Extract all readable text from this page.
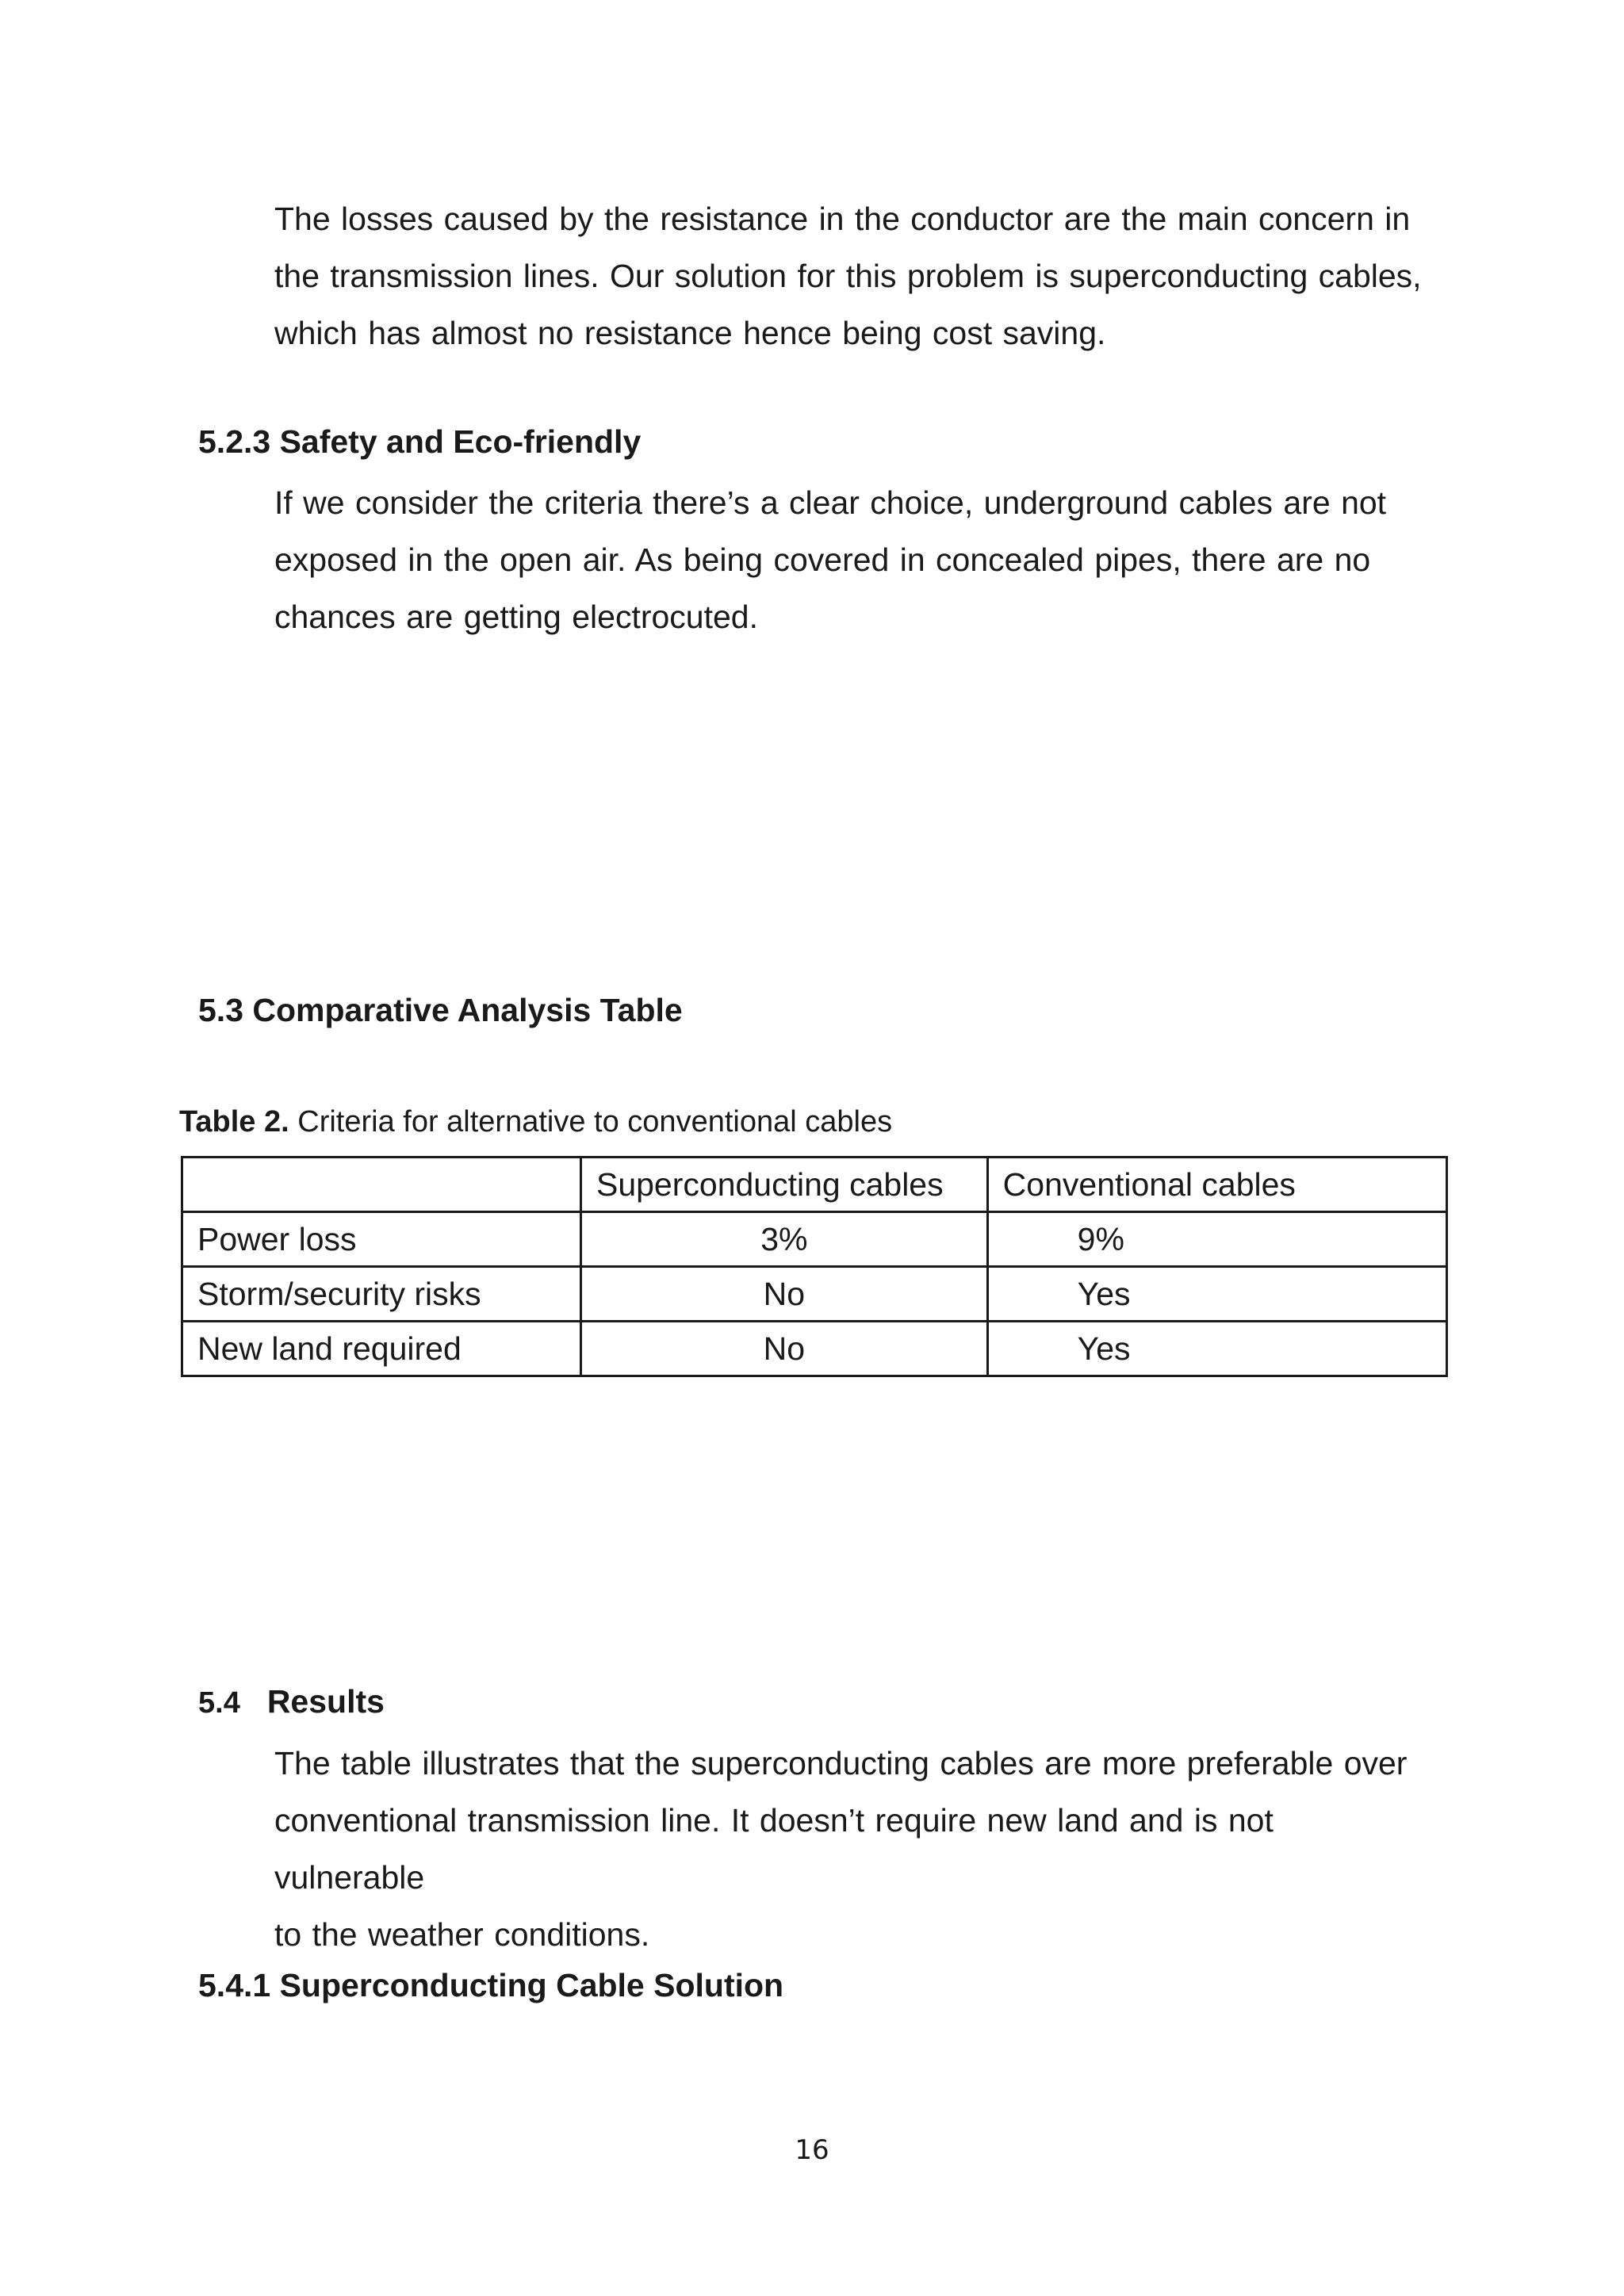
The losses caused by the resistance in the conductor are the main concern in
the transmission lines. Our solution for this problem is superconducting cables,
which has almost no resistance hence being cost saving.

5.2.3 Safety and Eco-friendly

If we consider the criteria there’s a clear choice, underground cables are not
exposed in the open air. As being covered in concealed pipes, there are no
chances are getting electrocuted.

5.3 Comparative Analysis Table

Table 2. Criteria for alternative to conventional cables

	Superconducting cables	Conventional cables
Power loss	3%	9%
Storm/security risks	No	Yes
New land required	No	Yes
5.4 Results

The table illustrates that the superconducting cables are more preferable over
conventional transmission line. It doesn’t require new land and is not vulnerable
to the weather conditions.

5.4.1 Superconducting Cable Solution

16
